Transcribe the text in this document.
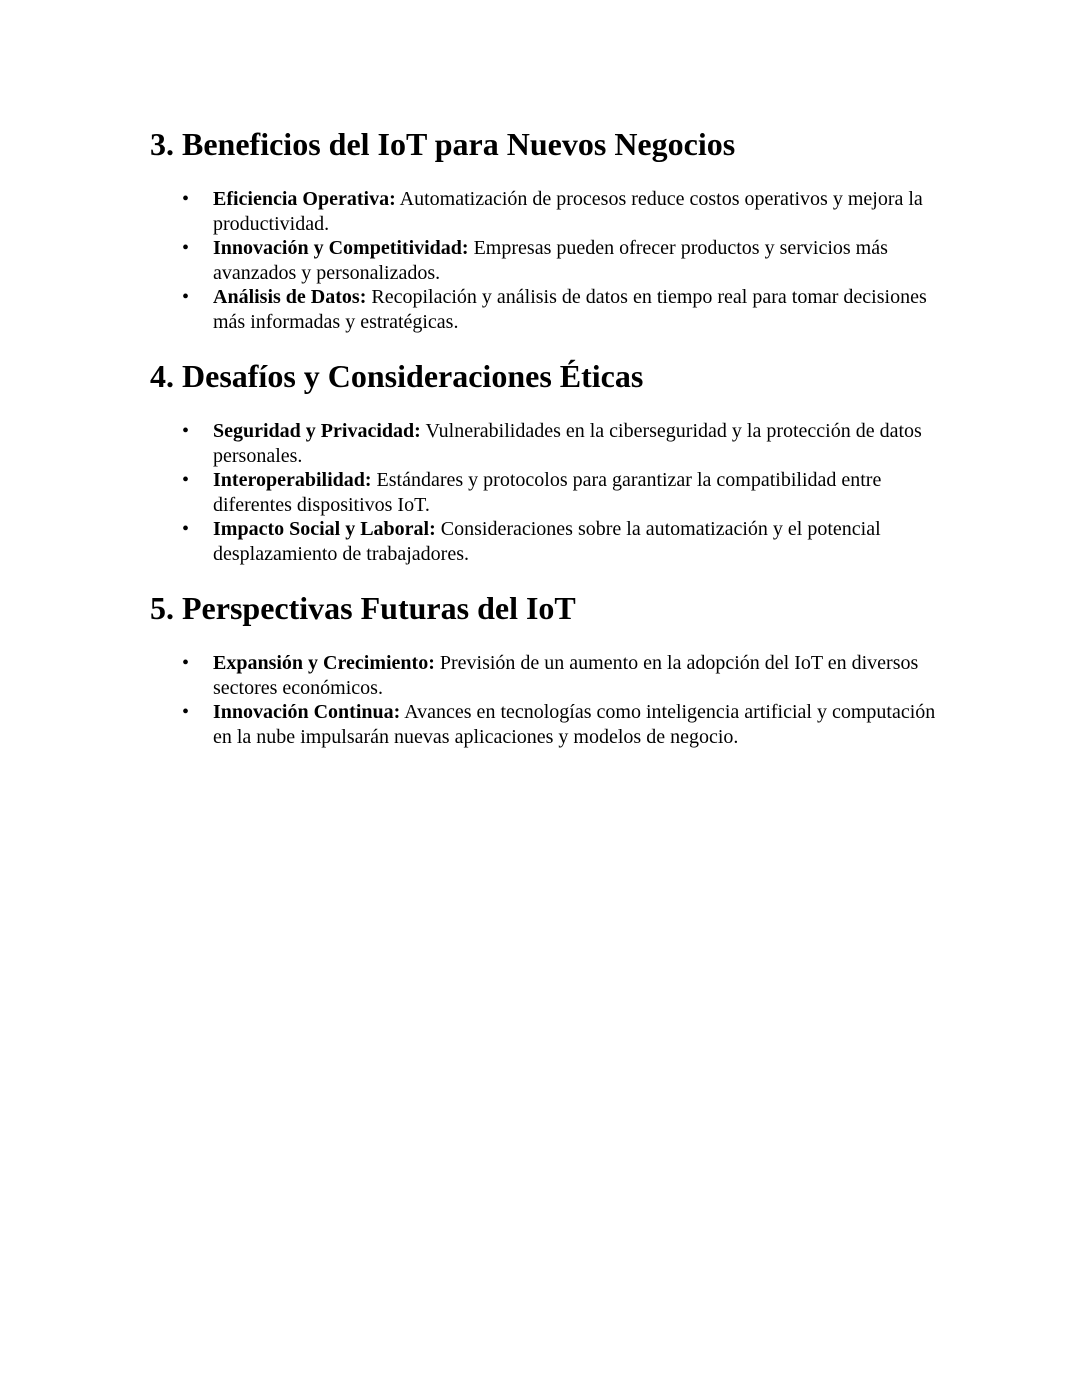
3. Beneficios del IoT para Nuevos Negocios
• Eficiencia Operativa: Automatización de procesos reduce costos operativos y mejora la productividad.
• Innovación y Competitividad: Empresas pueden ofrecer productos y servicios más avanzados y personalizados.
• Análisis de Datos: Recopilación y análisis de datos en tiempo real para tomar decisiones más informadas y estratégicas.
4. Desafíos y Consideraciones Éticas
• Seguridad y Privacidad: Vulnerabilidades en la ciberseguridad y la protección de datos personales.
• Interoperabilidad: Estándares y protocolos para garantizar la compatibilidad entre diferentes dispositivos IoT.
• Impacto Social y Laboral: Consideraciones sobre la automatización y el potencial desplazamiento de trabajadores.
5. Perspectivas Futuras del IoT
• Expansión y Crecimiento: Previsión de un aumento en la adopción del IoT en diversos sectores económicos.
• Innovación Continua: Avances en tecnologías como inteligencia artificial y computación en la nube impulsarán nuevas aplicaciones y modelos de negocio.
